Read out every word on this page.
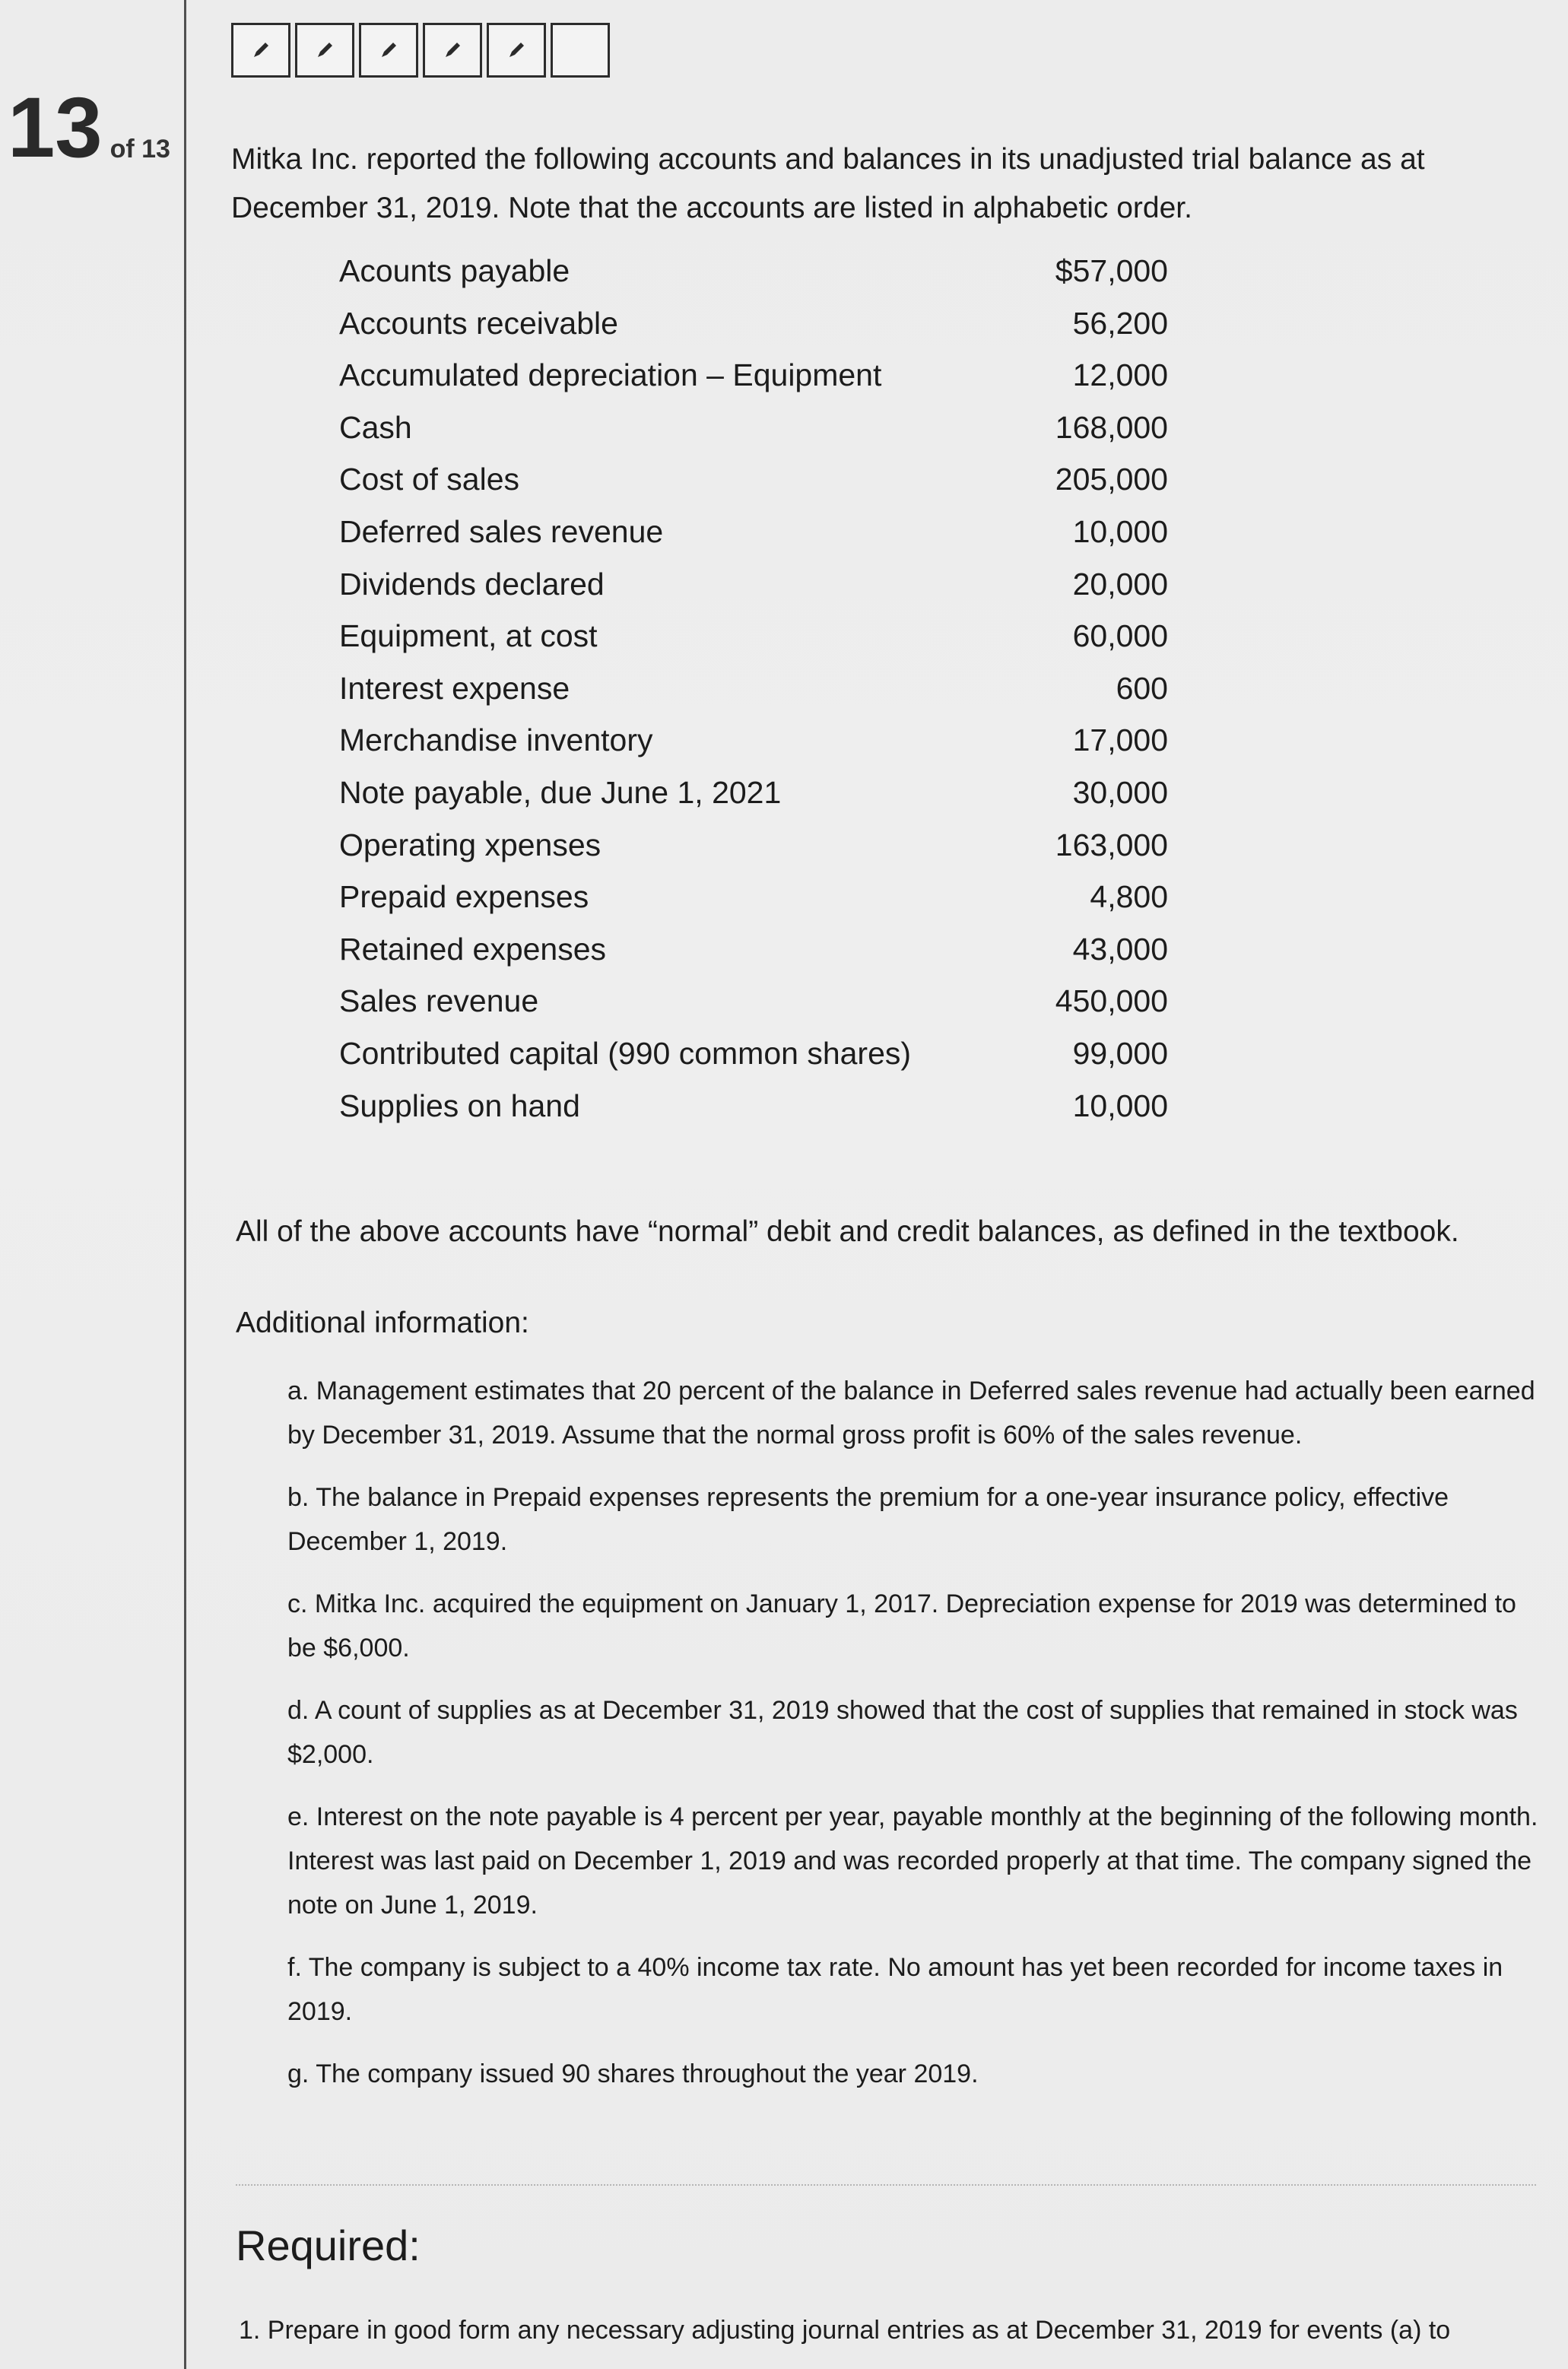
13 of 13 Mitka Inc. reported the following accounts and balances in its unadjusted trial balance as at December 31, 2019. Note that the accounts are listed in alphabetic order.
Acounts payable	$57,000
Accounts receivable	56,200
Accumulated depreciation – Equipment	12,000
Cash	168,000
Cost of sales	205,000
Deferred sales revenue	10,000
Dividends declared	20,000
Equipment, at cost	60,000
Interest expense	600
Merchandise inventory	17,000
Note payable, due June 1, 2021	30,000
Operating xpenses	163,000
Prepaid expenses	4,800
Retained expenses	43,000
Sales revenue	450,000
Contributed capital (990 common shares)	99,000
Supplies on hand	10,000
All of the above accounts have “normal” debit and credit balances, as defined in the textbook.
Additional information:
a. Management estimates that 20 percent of the balance in Deferred sales revenue had actually been earned by December 31, 2019. Assume that the normal gross profit is 60% of the sales revenue.
b. The balance in Prepaid expenses represents the premium for a one-year insurance policy, effective December 1, 2019.
c. Mitka Inc. acquired the equipment on January 1, 2017. Depreciation expense for 2019 was determined to be $6,000.
d. A count of supplies as at December 31, 2019 showed that the cost of supplies that remained in stock was $2,000.
e. Interest on the note payable is 4 percent per year, payable monthly at the beginning of the following month. Interest was last paid on December 1, 2019 and was recorded properly at that time. The company signed the note on June 1, 2019.
f. The company is subject to a 40% income tax rate. No amount has yet been recorded for income taxes in 2019.
g. The company issued 90 shares throughout the year 2019.
Required:
1. Prepare in good form any necessary adjusting journal entries as at December 31, 2019 for events (a) to
